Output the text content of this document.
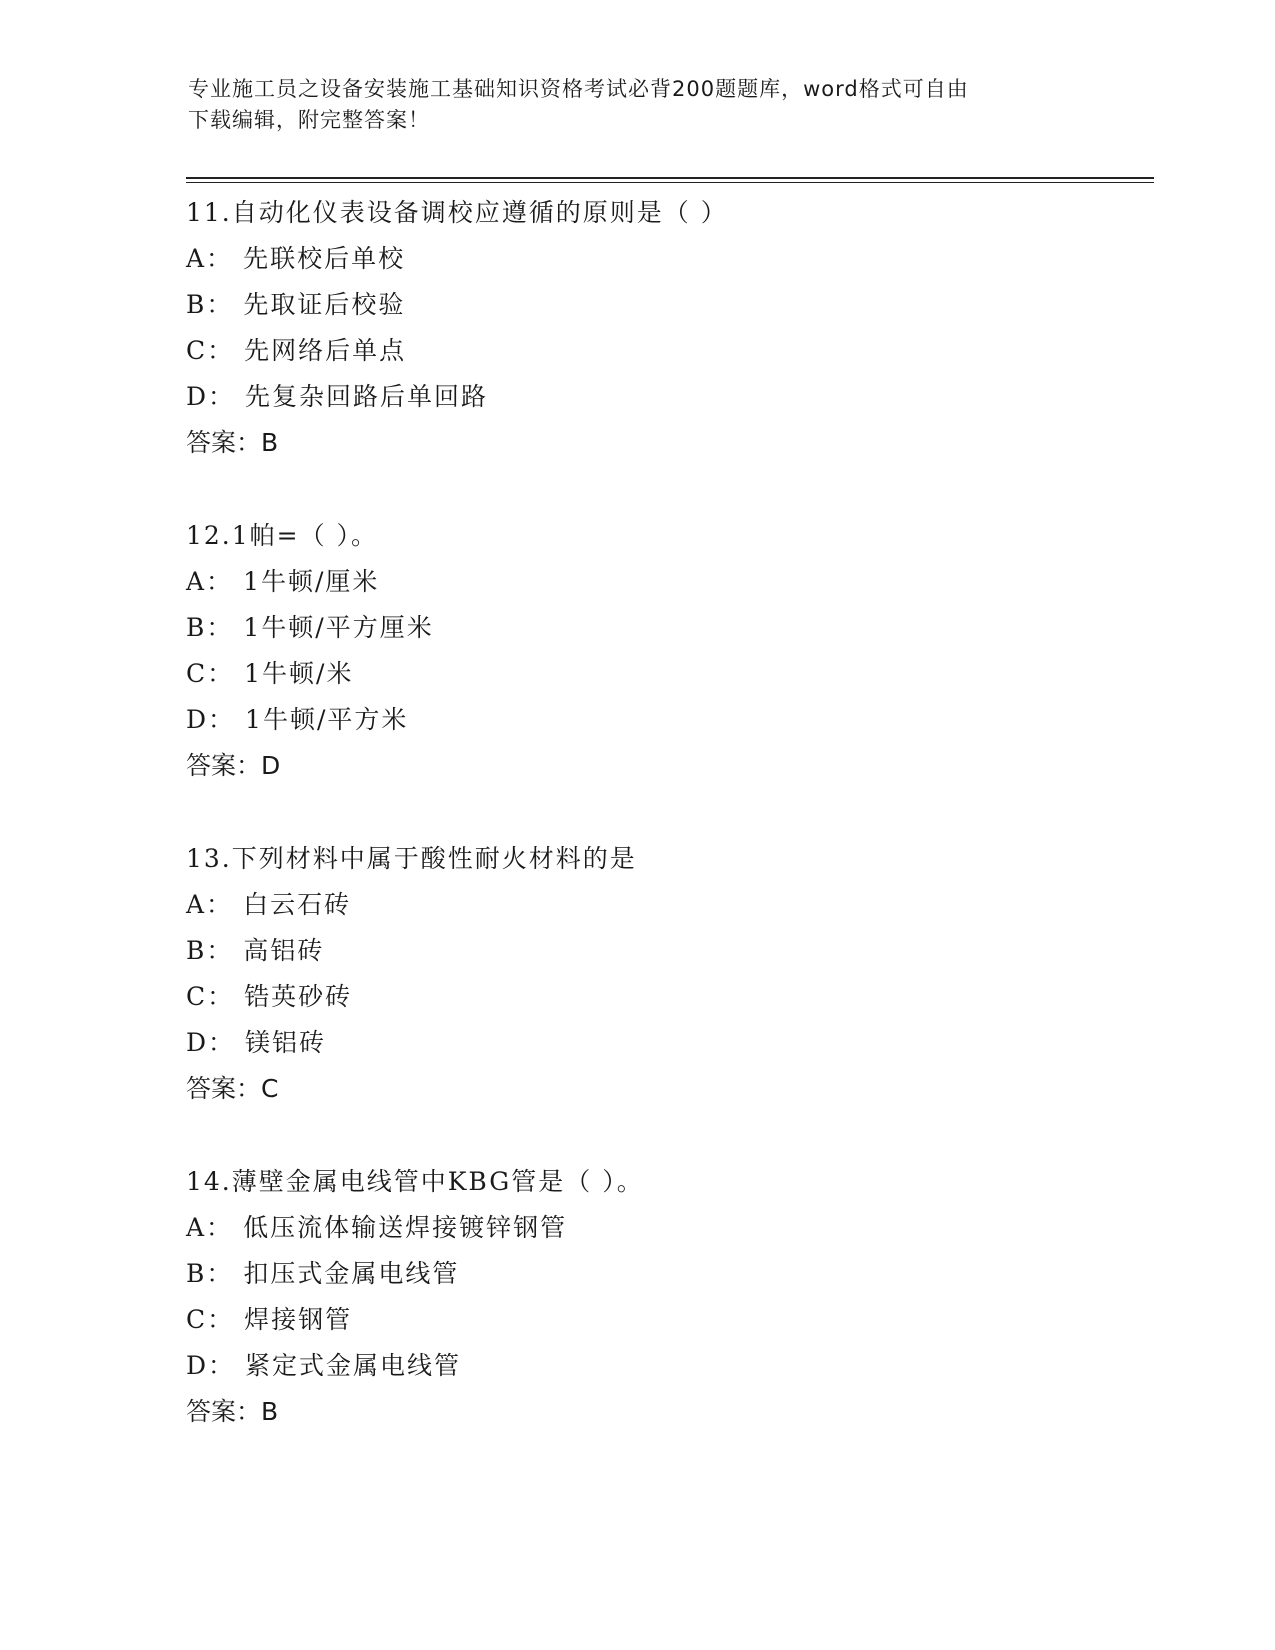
专业施工员之设备安装施工基础知识资格考试必背200题题库，word格式可自由
下载编辑，附完整答案！
11.自动化仪表设备调校应遵循的原则是（ ）
A： 先联校后单校
B： 先取证后校验
C： 先网络后单点
D： 先复杂回路后单回路
答案：B
12.1帕=（ ）。
A： 1牛顿/厘米
B： 1牛顿/平方厘米
C： 1牛顿/米
D： 1牛顿/平方米
答案：D
13.下列材料中属于酸性耐火材料的是
A： 白云石砖
B： 高铝砖
C： 锆英砂砖
D： 镁铝砖
答案：C
14.薄壁金属电线管中KBG管是（ ）。
A： 低压流体输送焊接镀锌钢管
B： 扣压式金属电线管
C： 焊接钢管
D： 紧定式金属电线管
答案：B
